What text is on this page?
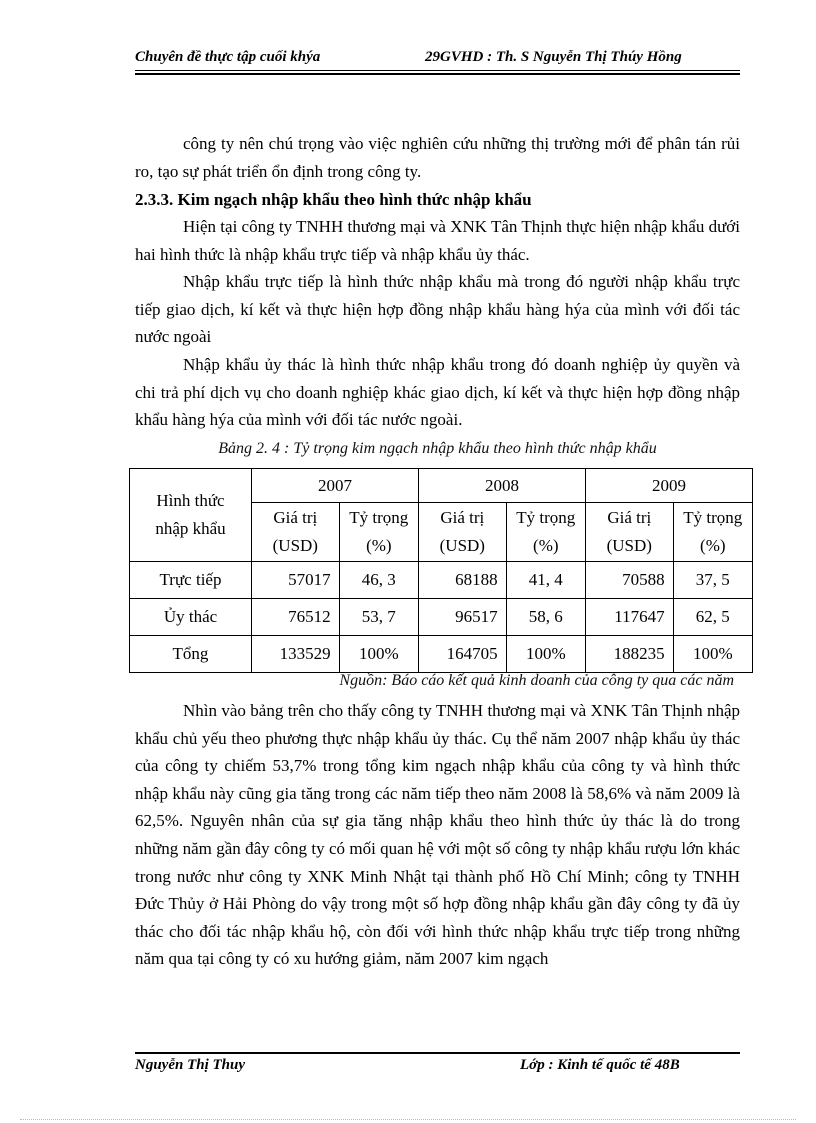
Chuyên đề thực tập cuối khýa	29GVHD : Th. S Nguyễn Thị Thúy Hồng
công ty nên chú trọng vào việc nghiên cứu những thị trường mới để phân tán rủi ro, tạo sự phát triển ổn định trong công ty.
2.3.3. Kim ngạch nhập khẩu theo hình thức nhập khẩu
Hiện tại công ty TNHH thương mại và XNK Tân Thịnh thực hiện nhập khẩu dưới hai hình thức là nhập khẩu trực tiếp và nhập khẩu ủy thác.
Nhập khẩu trực tiếp là hình thức nhập khẩu mà trong đó người nhập khẩu trực tiếp giao dịch, kí kết và thực hiện hợp đồng nhập khẩu hàng hýa của mình với đối tác nước ngoài
Nhập khẩu ủy thác là hình thức nhập khẩu trong đó doanh nghiệp ủy quyền và chi trả phí dịch vụ cho doanh nghiệp khác giao dịch, kí kết và thực hiện hợp đồng nhập khẩu hàng hýa của mình với đối tác nước ngoài.
Bảng 2. 4 : Tỷ trọng kim ngạch nhập khẩu theo hình thức nhập khẩu
Hình thức nhập khẩu	2007		2008		2009	
	Giá trị (USD)	Tỷ trọng (%)	Giá trị (USD)	Tỷ trọng (%)	Giá trị (USD)	Tỷ trọng (%)
Trực tiếp	57017	46, 3	68188	41, 4	70588	37, 5
Ủy thác	76512	53, 7	96517	58, 6	117647	62, 5
Tổng	133529	100%	164705	100%	188235	100%
Nguồn: Báo cáo kết quả kinh doanh của công ty qua các năm
Nhìn vào bảng trên cho thấy công ty TNHH thương mại và XNK Tân Thịnh nhập khẩu chủ yếu theo phương thực nhập khẩu ủy thác. Cụ thể năm 2007 nhập khẩu ủy thác của công ty chiếm 53,7% trong tổng kim ngạch nhập khẩu của công ty và hình thức nhập khẩu này cũng gia tăng trong các năm tiếp theo năm 2008 là 58,6% và năm 2009 là 62,5%. Nguyên nhân của sự gia tăng nhập khẩu theo hình thức ủy thác là do trong những năm gần đây công ty có mối quan hệ với một số công ty nhập khẩu rượu lớn khác trong nước như công ty XNK Minh Nhật tại thành phố Hồ Chí Minh; công ty TNHH Đức Thủy ở Hải Phòng do vậy trong một số hợp đồng nhập khẩu gần đây công ty đã ủy thác cho đối tác nhập khẩu hộ, còn đối với hình thức nhập khẩu trực tiếp trong những năm qua tại công ty có xu hướng giảm, năm 2007 kim ngạch
Nguyễn Thị Thuy	Lớp : Kinh tế quốc tế 48B
